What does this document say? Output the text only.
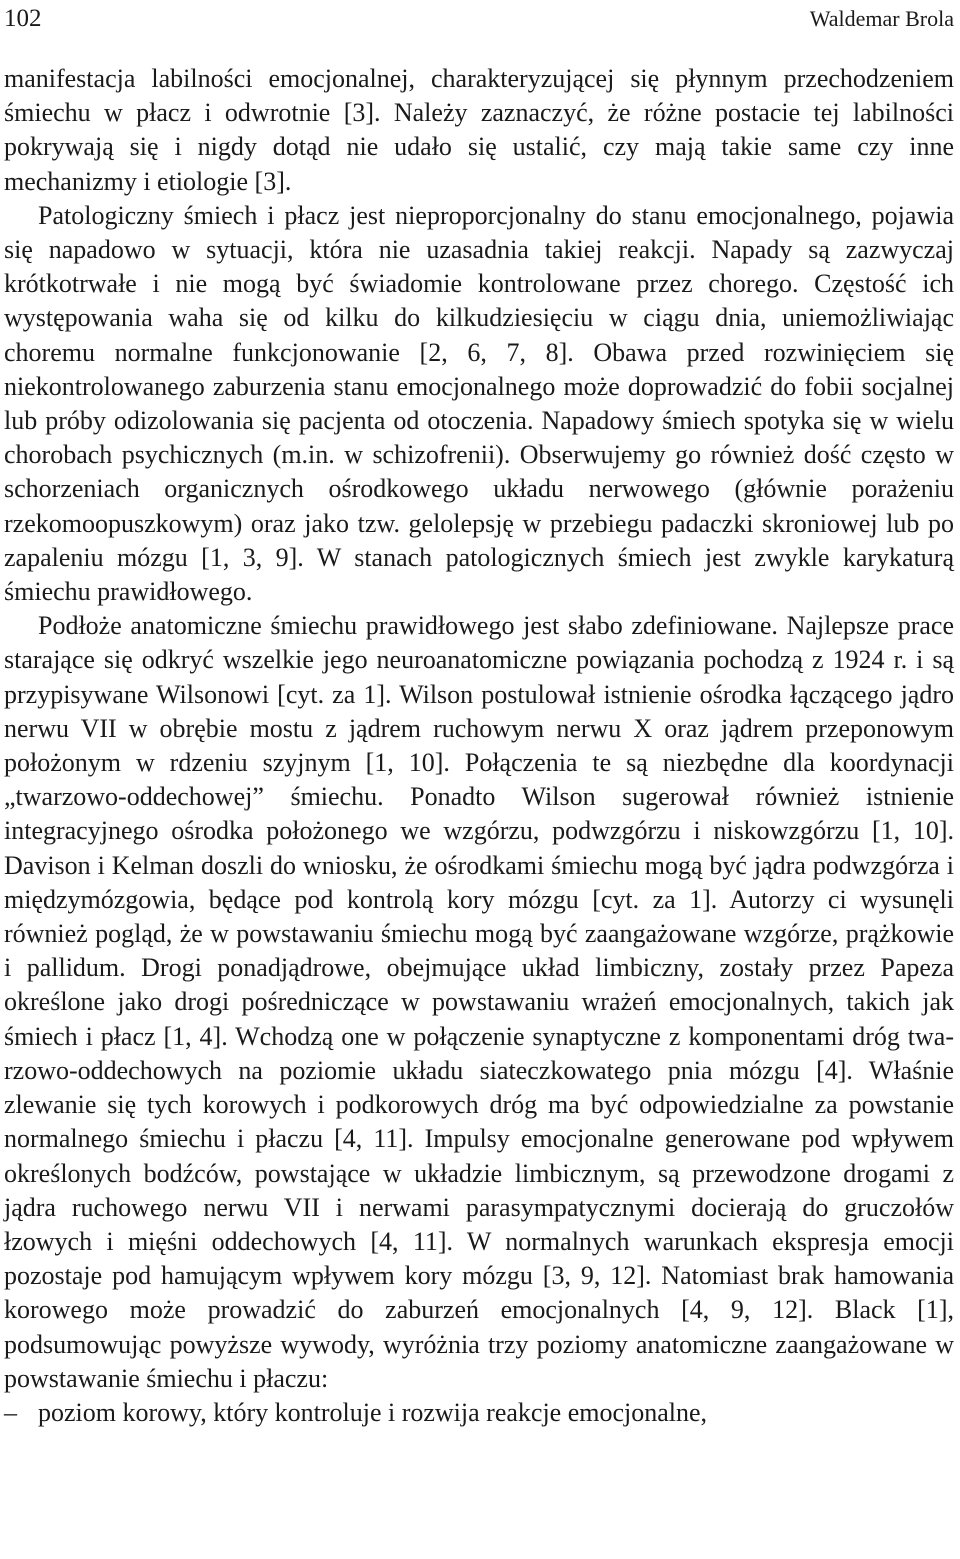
102	Waldemar Brola

manifestacja labilności emocjonalnej, charakteryzującej się płynnym przechodzeniem śmiechu w płacz i odwrotnie [3]. Należy zaznaczyć, że różne postacie tej labilności pokrywają się i nigdy dotąd nie udało się ustalić, czy mają takie same czy inne mechanizmy i etiologie [3].

Patologiczny śmiech i płacz jest nieproporcjonalny do stanu emocjonalnego, pojawia się napadowo w sytuacji, która nie uzasadnia takiej reakcji. Napady są zazwyczaj krótkotrwałe i nie mogą być świadomie kontrolowane przez chorego. Częstość ich występowania waha się od kilku do kilkudziesięciu w ciągu dnia, uniemożliwiając choremu normalne funkcjonowanie [2, 6, 7, 8]. Obawa przed rozwinięciem się niekontrolowanego zaburzenia stanu emocjonalnego może doprowadzić do fobii socjalnej lub próby odizolowania się pacjenta od otoczenia. Napadowy śmiech spotyka się w wielu chorobach psychicznych (m.in. w schizofrenii). Obserwujemy go również dość często w schorzeniach organicznych ośrodkowego układu nerwowego (głównie porażeniu rzekomoopuszkowym) oraz jako tzw. gelolepsję w przebiegu padaczki skroniowej lub po zapaleniu mózgu [1, 3, 9]. W stanach patologicznych śmiech jest zwykle karykaturą śmiechu prawidłowego.

Podłoże anatomiczne śmiechu prawidłowego jest słabo zdefiniowane. Najlepsze prace starające się odkryć wszelkie jego neuroanatomiczne powiązania pochodzą z 1924 r. i są przypisywane Wilsonowi [cyt. za 1]. Wilson postulował istnienie ośrodka łączącego jądro nerwu VII w obrębie mostu z jądrem ruchowym nerwu X oraz jądrem przeponowym położonym w rdzeniu szyjnym [1, 10]. Połączenia te są niezbędne dla koordynacji „twarzowo-oddechowej” śmiechu. Ponadto Wilson sugerował również istnienie integracyjnego ośrodka położonego we wzgórzu, podwzgórzu i niskowzgórzu [1, 10]. Davison i Kelman doszli do wniosku, że ośrodkami śmiechu mogą być jądra podwzgórza i międzymózgowia, będące pod kontrolą kory mózgu [cyt. za 1]. Autorzy ci wysunęli również pogląd, że w powstawaniu śmiechu mogą być zaangażowane wzgórze, prążkowie i pallidum. Drogi ponadjądrowe, obejmujące układ limbiczny, zostały przez Papeza określone jako drogi pośredniczące w powstawaniu wrażeń emocjonalnych, takich jak śmiech i płacz [1, 4]. Wchodzą one w połączenie synaptyczne z komponentami dróg twarzowo-oddechowych na poziomie układu siateczkowatego pnia mózgu [4]. Właśnie zlewanie się tych korowych i podkorowych dróg ma być odpowiedzialne za powstanie normalnego śmiechu i płaczu [4, 11]. Impulsy emocjonalne generowane pod wpływem określonych bodźców, powstające w układzie limbicznym, są przewodzone drogami z jądra ruchowego nerwu VII i nerwami parasympatycznymi docierają do gruczołów łzowych i mięśni oddechowych [4, 11]. W normalnych warunkach ekspresja emocji pozostaje pod hamującym wpływem kory mózgu [3, 9, 12]. Natomiast brak hamowania korowego może prowadzić do zaburzeń emocjonalnych [4, 9, 12]. Black [1], podsumowując powyższe wywody, wyróżnia trzy poziomy anatomiczne zaangażowane w powstawanie śmiechu i płaczu:

– poziom korowy, który kontroluje i rozwija reakcje emocjonalne,
